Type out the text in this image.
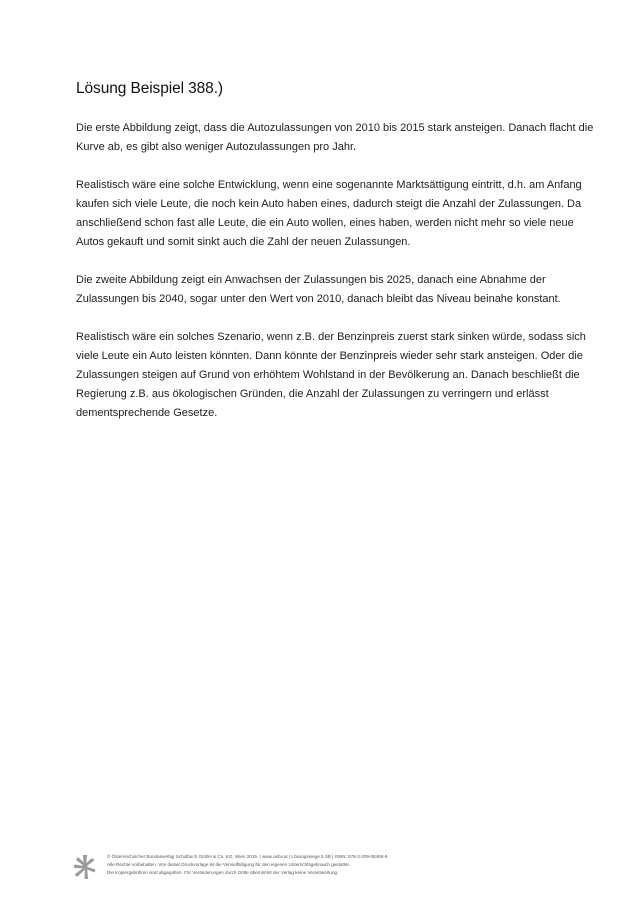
Lösung Beispiel 388.)

Die erste Abbildung zeigt, dass die Autozulassungen von 2010 bis 2015 stark ansteigen. Danach flacht die Kurve ab, es gibt also weniger Autozulassungen pro Jahr.

Realistisch wäre eine solche Entwicklung, wenn eine sogenannte Marktsättigung eintritt, d.h. am Anfang kaufen sich viele Leute, die noch kein Auto haben eines, dadurch steigt die Anzahl der Zulassungen. Da anschließend schon fast alle Leute, die ein Auto wollen, eines haben, werden nicht mehr so viele neue Autos gekauft und somit sinkt auch die Zahl der neuen Zulassungen.

Die zweite Abbildung zeigt ein Anwachsen der Zulassungen bis 2025, danach eine Abnahme der Zulassungen bis 2040, sogar unter den Wert von 2010, danach bleibt das Niveau beinahe konstant.

Realistisch wäre ein solches Szenario, wenn z.B. der Benzinpreis zuerst stark sinken würde, sodass sich viele Leute ein Auto leisten könnten. Dann könnte der Benzinpreis wieder sehr stark ansteigen. Oder die Zulassungen steigen auf Grund von erhöhtem Wohlstand in der Bevölkerung an. Danach beschließt die Regierung z.B. aus ökologischen Gründen, die Anzahl der Zulassungen zu verringern und erlässt dementsprechende Gesetze.

© Österreichischer Bundesverlag Schulbuch GmbH & Co. KG, Wien 2015. | www.oebv.at | Lösungswege 5 SB | ISBN: 978-3-209-08466-8
Alle Rechte vorbehalten. Von dieser Druckvorlage ist die Vervielfältigung für den eigenen Unterrichtsgebrauch gestattet.
Die Kopiergebühren sind abgegolten. Für Veränderungen durch Dritte übernimmt der Verlag keine Verantwortung.
